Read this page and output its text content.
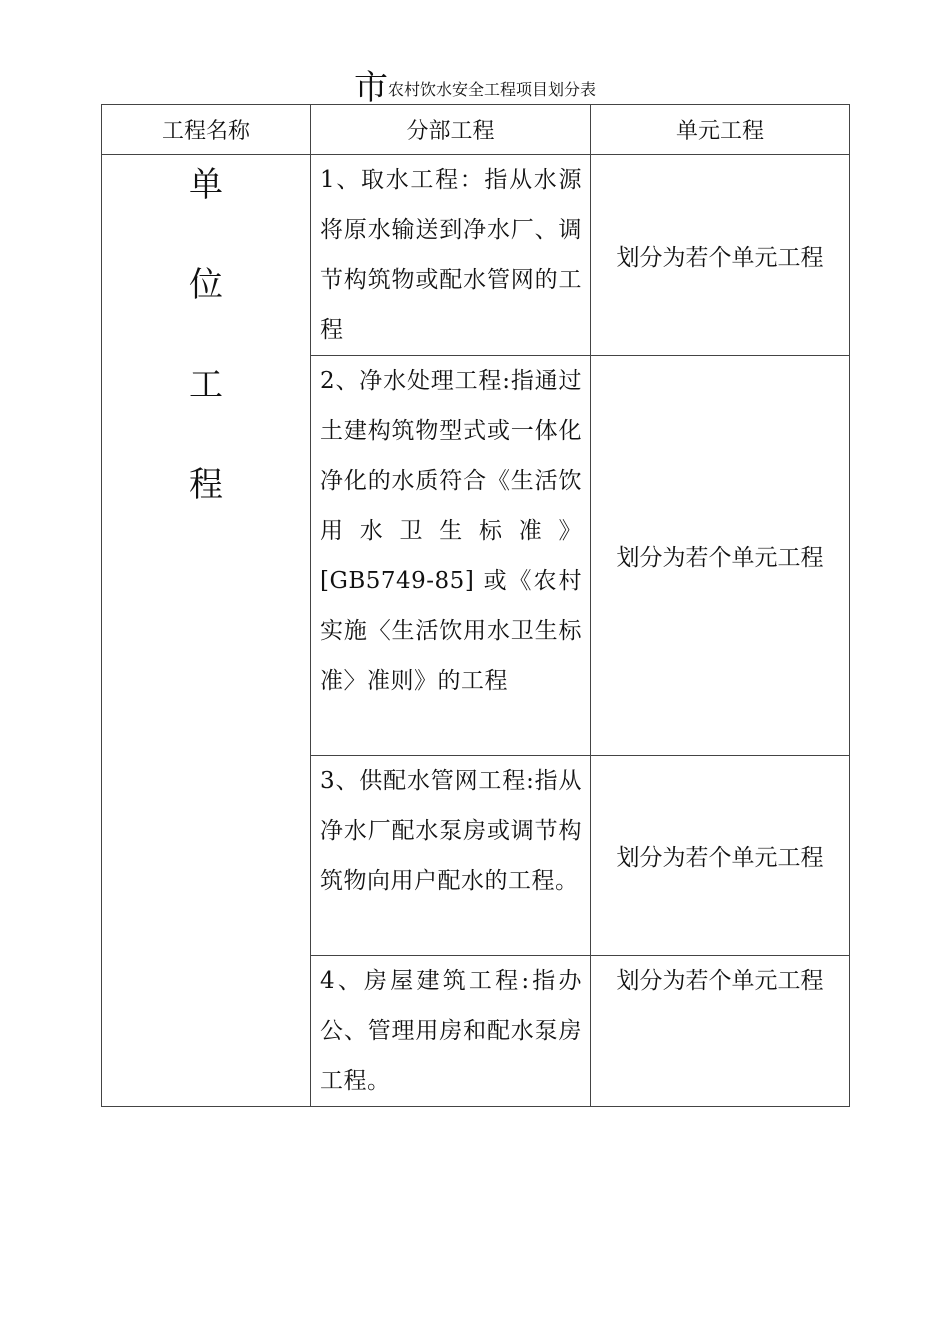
市农村饮水安全工程项目划分表
工程名称	分部工程	单元工程

单
位
工
程	1、取水工程：指从水源将原水输送到净水厂、调节构筑物或配水管网的工程	划分为若个单元工程

	2、净水处理工程:指通过土建构筑物型式或一体化净化的水质符合《生活饮用水卫生标准》 [GB5749-85] 或《农村实施〈生活饮用水卫生标准〉准则》的工程	划分为若个单元工程

	3、供配水管网工程:指从净水厂配水泵房或调节构筑物向用户配水的工程。	划分为若个单元工程

	4、房屋建筑工程:指办公、管理用房和配水泵房工程。	划分为若个单元工程
